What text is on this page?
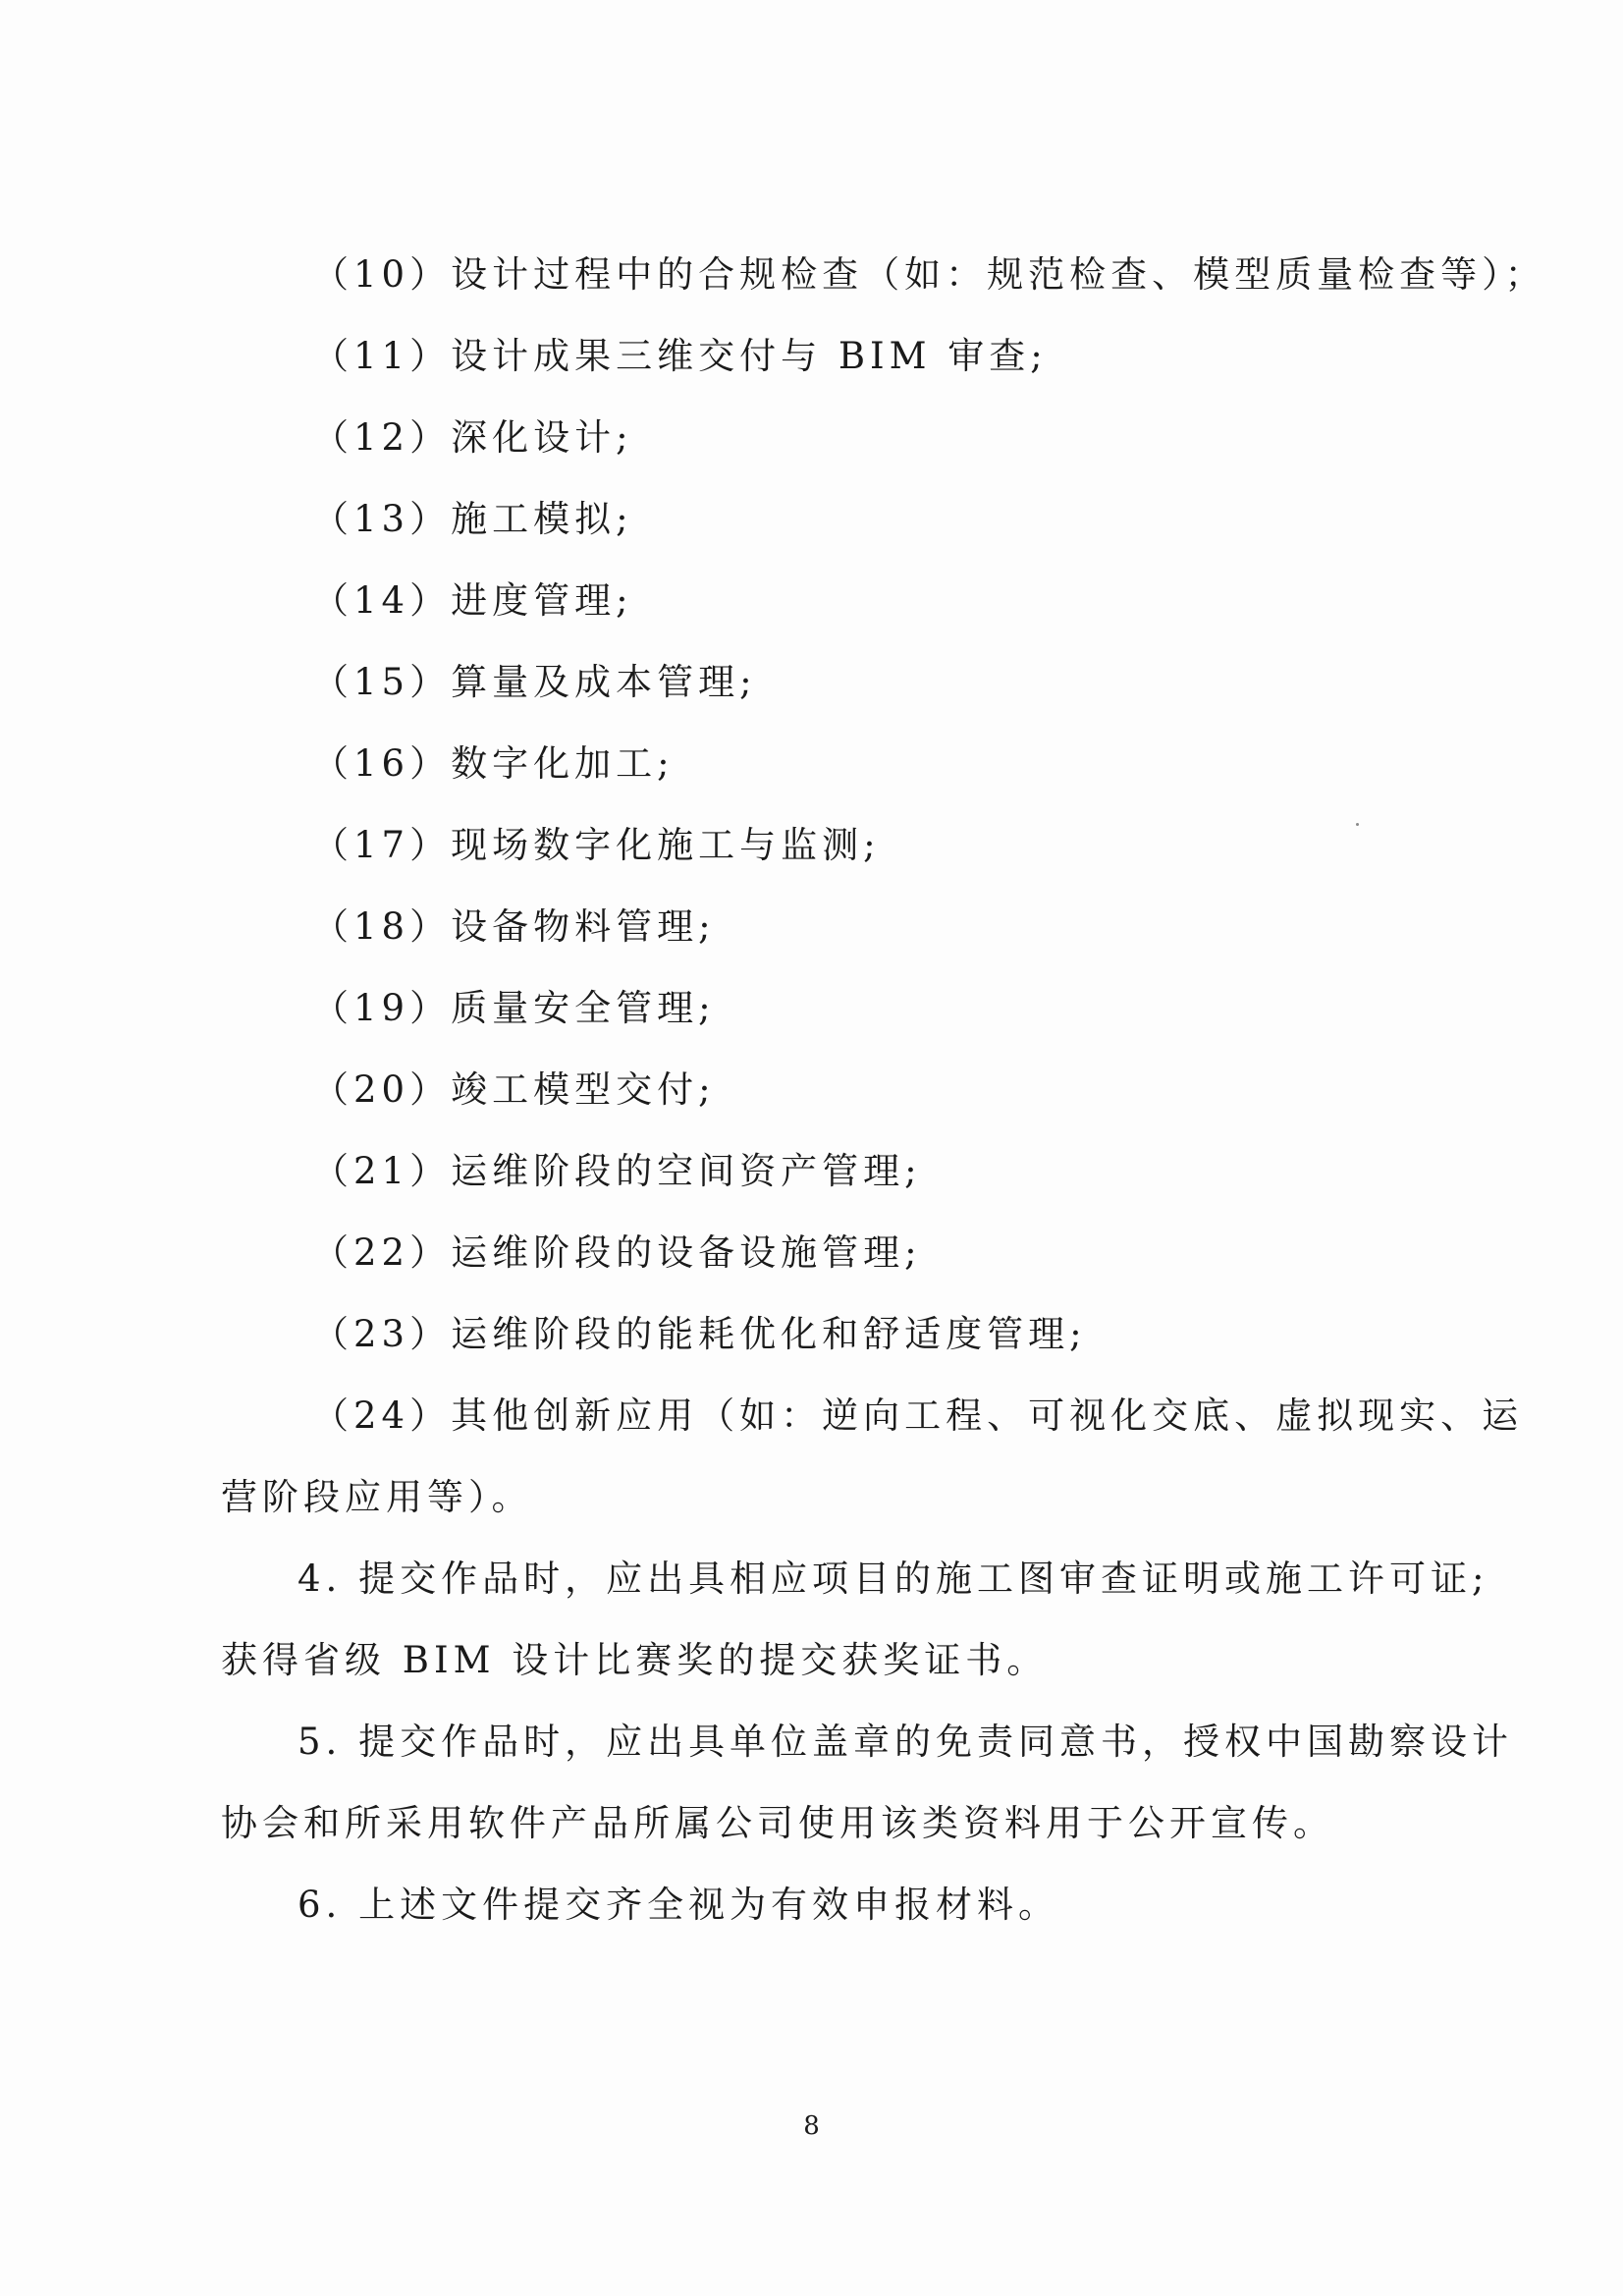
（10）设计过程中的合规检查（如：规范检查、模型质量检查等）；
（11）设计成果三维交付与 BIM 审查;
（12）深化设计;
（13）施工模拟;
（14）进度管理;
（15）算量及成本管理;
（16）数字化加工;
（17）现场数字化施工与监测;
（18）设备物料管理;
（19）质量安全管理;
（20）竣工模型交付;
（21）运维阶段的空间资产管理;
（22）运维阶段的设备设施管理;
（23）运维阶段的能耗优化和舒适度管理;
（24）其他创新应用（如：逆向工程、可视化交底、虚拟现实、运
营阶段应用等）。
4. 提交作品时，应出具相应项目的施工图审查证明或施工许可证;
获得省级 BIM 设计比赛奖的提交获奖证书。
5. 提交作品时，应出具单位盖章的免责同意书，授权中国勘察设计
协会和所采用软件产品所属公司使用该类资料用于公开宣传。
6. 上述文件提交齐全视为有效申报材料。
8
